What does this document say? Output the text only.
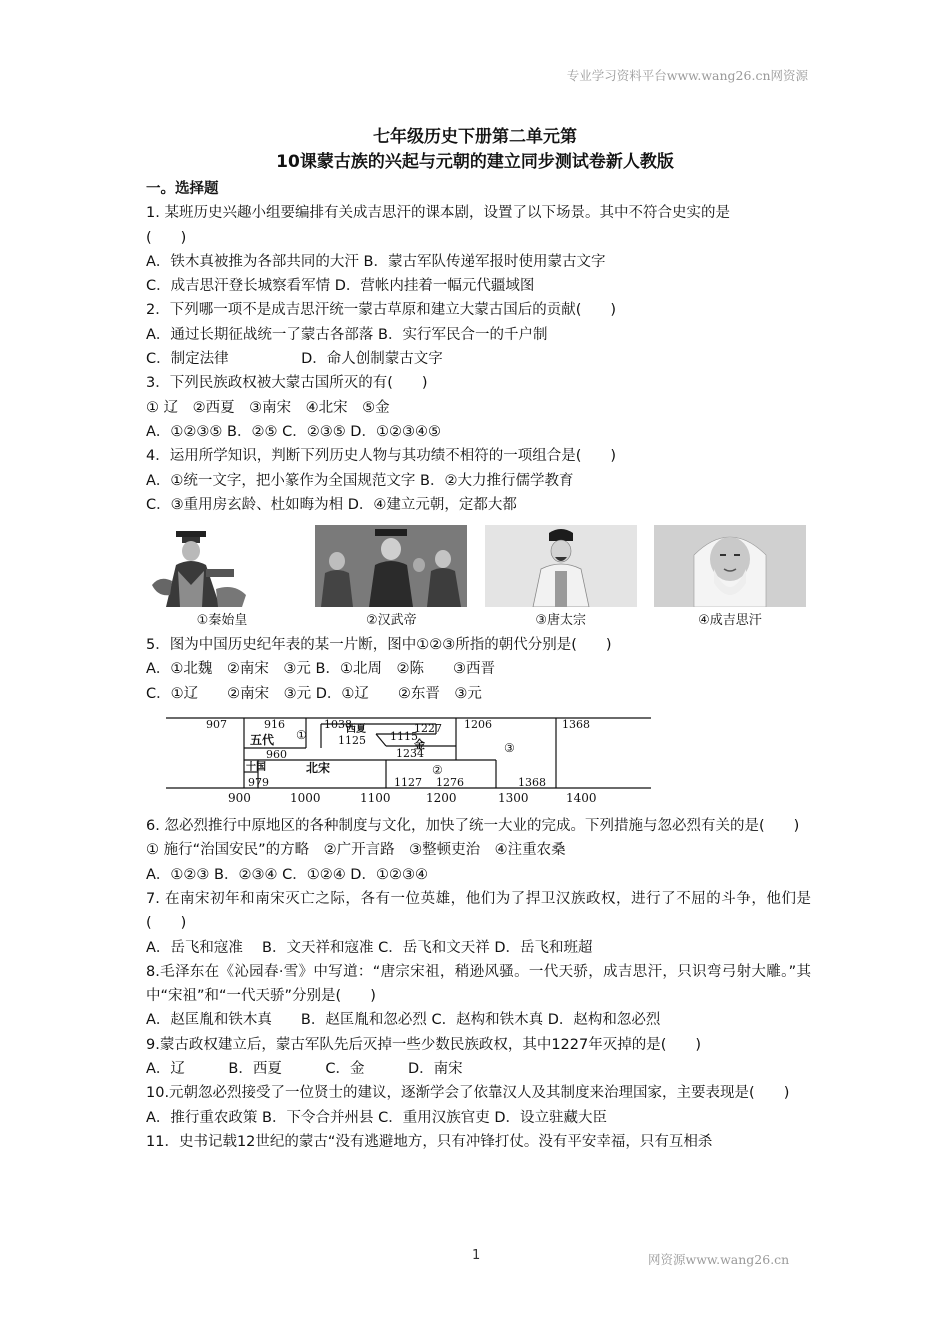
专业学习资料平台www.wang26.cn网资源
七年级历史下册第二单元第
10课蒙古族的兴起与元朝的建立同步测试卷新人教版

一。选择题

1. 某班历史兴趣小组要编排有关成吉思汗的课本剧，设置了以下场景。其中不符合史实的是

(　　)

A．铁木真被推为各部共同的大汗 B．蒙古军队传递军报时使用蒙古文字

C．成吉思汗登长城察看军情 D．营帐内挂着一幅元代疆域图

2．下列哪一项不是成吉思汗统一蒙古草原和建立大蒙古国后的贡献(　　)

A．通过长期征战统一了蒙古各部落 B．实行军民合一的千户制

C．制定法律　　　　　D．命人创制蒙古文字

3．下列民族政权被大蒙古国所灭的有(　　)

① 辽　②西夏　③南宋　④北宋　⑤金

A．①②③⑤ B．②⑤ C．②③⑤ D．①②③④⑤

4．运用所学知识，判断下列历史人物与其功绩不相符的一项组合是(　　)

A．①统一文字，把小篆作为全国规范文字 B．②大力推行儒学教育

C．③重用房玄龄、杜如晦为相 D．④建立元朝，定都大都

①秦始皇	②汉武帝	③唐太宗	④成吉思汗

5．图为中国历史纪年表的某一片断，图中①②③所指的朝代分别是(　　)

A．①北魏　②南宋　③元 B．①北周　②陈　　③西晋

C．①辽　　②南宋　③元 D．①辽　　②东晋　③元

907	916	1038	1206	1368
1125 1115
1227
960	1234
979	1127 1276	1368
五代
十国	北宋
西夏
金
①
②
③
900	1000	1100	1200	1300	1400

6. 忽必烈推行中原地区的各种制度与文化，加快了统一大业的完成。下列措施与忽必烈有关的是(　　)

① 施行“治国安民”的方略　②广开言路　③整顿吏治　④注重农桑

A．①②③ B．②③④ C．①②④ D．①②③④

7. 在南宋初年和南宋灭亡之际，各有一位英雄，他们为了捍卫汉族政权，进行了不屈的斗争，他们是(　　)

A．岳飞和寇准　 B．文天祥和寇准 C．岳飞和文天祥 D．岳飞和班超

8.毛泽东在《沁园春·雪》中写道：“唐宗宋祖，稍逊风骚。一代天骄，成吉思汗，只识弯弓射大雕。”其中“宋祖”和“一代天骄”分别是(　　)

A．赵匡胤和铁木真　　B．赵匡胤和忽必烈 C．赵构和铁木真 D．赵构和忽必烈

9.蒙古政权建立后，蒙古军队先后灭掉一些少数民族政权，其中1227年灭掉的是(　　)

A．辽　　　B．西夏　　　C．金　　　D．南宋

10.元朝忽必烈接受了一位贤士的建议，逐渐学会了依靠汉人及其制度来治理国家，主要表现是(　　)

A．推行重农政策 B．下令合并州县 C．重用汉族官吏 D．设立驻藏大臣

11．史书记载12世纪的蒙古“没有逃避地方，只有冲锋打仗。没有平安幸福，只有互相杀

1	网资源www.wang26.cn
